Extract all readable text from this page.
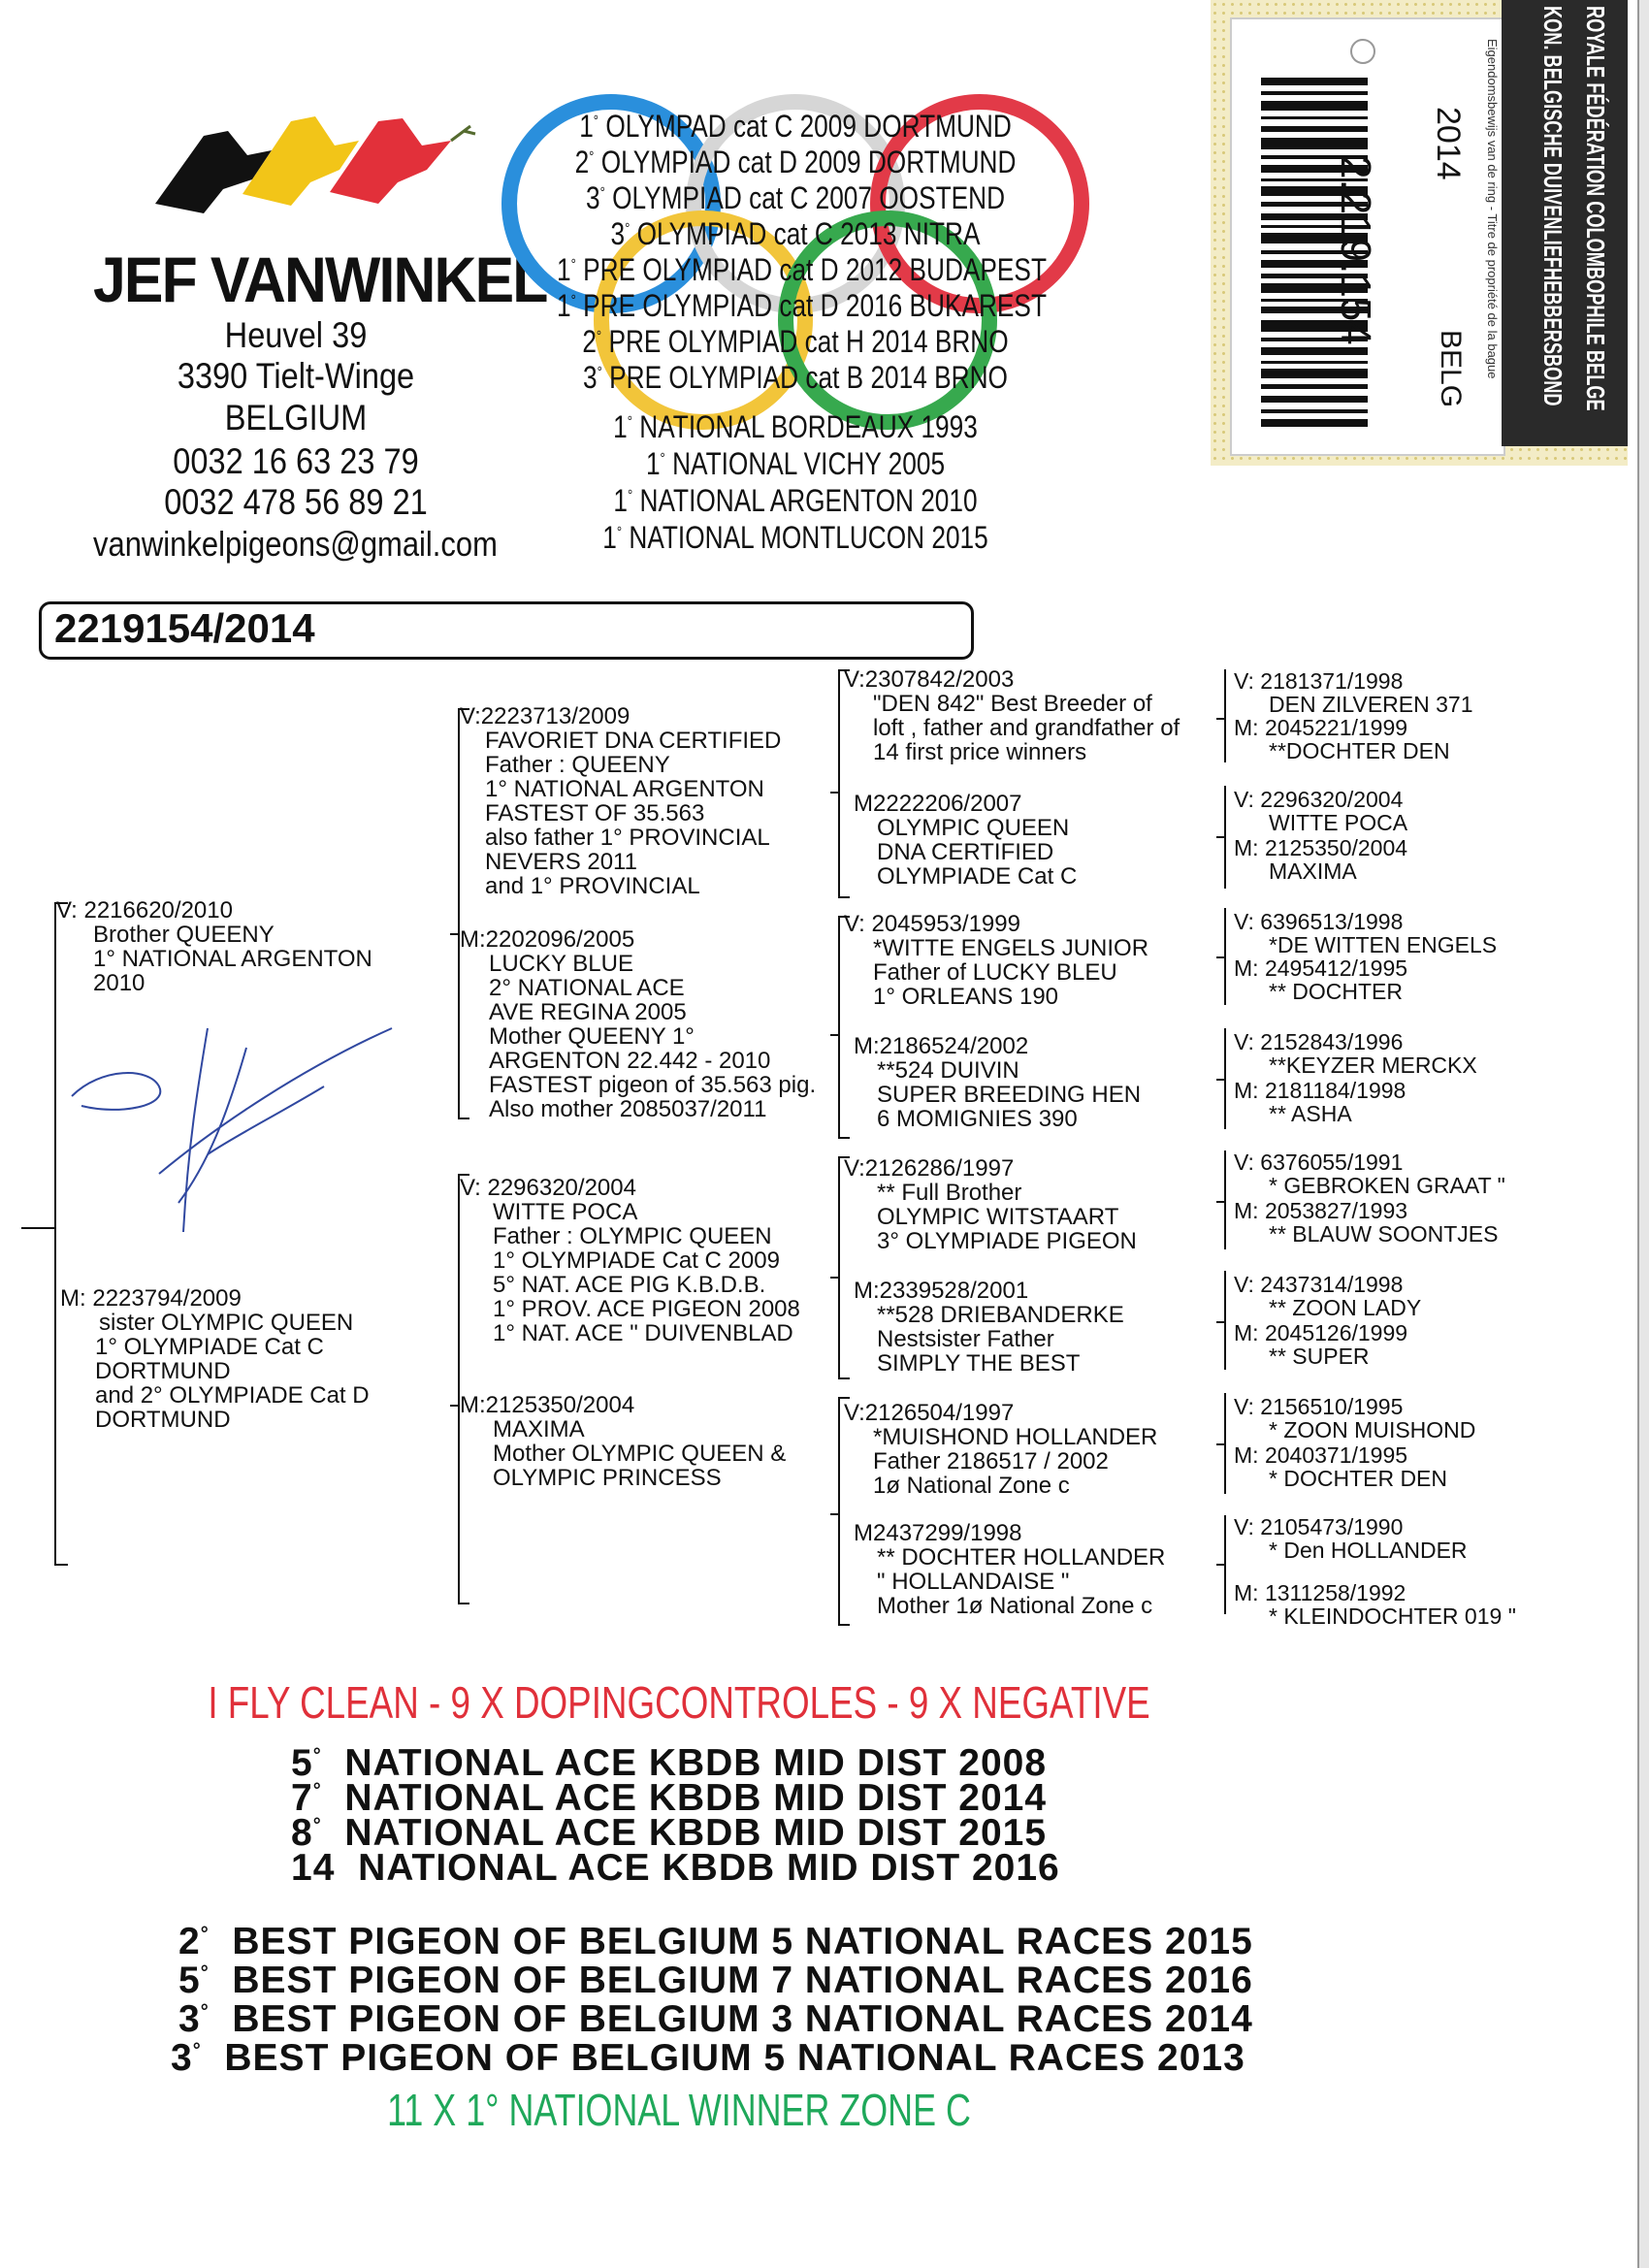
JEF VANWINKEL
Heuvel 39
3390 Tielt-Winge
BELGIUM
0032 16 63 23 79
0032 478 56 89 21
vanwinkelpigeons@gmail.com
1° OLYMPAD cat C 2009 DORTMUND
2° OLYMPIAD cat D 2009 DORTMUND
3° OLYMPIAD cat C 2007 OOSTEND
3° OLYMPIAD cat C 2013 NITRA
1° PRE OLYMPIAD cat D 2012 BUDAPEST
1° PRE OLYMPIAD cat D 2016 BUKAREST
2° PRE OLYMPIAD cat H 2014 BRNO
3° PRE OLYMPIAD cat B 2014 BRNO
1° NATIONAL BORDEAUX 1993
1° NATIONAL VICHY 2005
1° NATIONAL ARGENTON 2010
1° NATIONAL MONTLUCON 2015
2.219.154
2014
BELG Eigendomsbewijs van de ring - Titre de propriété de la bague KON. BELGISCHE DUIVENLIEFHEBBERSBOND ROYALE FÉDÉRATION COLOMBOPHILE BELGE
2219154/2014
V: 2216620/2010
Brother QUEENY
1° NATIONAL ARGENTON
2010
M: 2223794/2009
sister OLYMPIC QUEEN
1° OLYMPIADE Cat C
DORTMUND
and 2° OLYMPIADE Cat D
DORTMUND
V:2223713/2009
FAVORIET DNA CERTIFIED
Father : QUEENY
1° NATIONAL ARGENTON
FASTEST OF 35.563
also father 1° PROVINCIAL
NEVERS 2011
and 1° PROVINCIAL
M:2202096/2005
LUCKY BLUE
2° NATIONAL ACE
AVE REGINA 2005
Mother QUEENY 1°
ARGENTON 22.442 - 2010
FASTEST pigeon of 35.563 pig.
Also mother 2085037/2011
V: 2296320/2004
WITTE POCA
Father : OLYMPIC QUEEN
1° OLYMPIADE Cat C 2009
5° NAT. ACE PIG K.B.D.B.
1° PROV. ACE PIGEON 2008
1° NAT. ACE " DUIVENBLAD
M:2125350/2004
MAXIMA
Mother OLYMPIC QUEEN &
OLYMPIC PRINCESS
V:2307842/2003
"DEN 842" Best Breeder of
loft , father and grandfather of
14 first price winners
M2222206/2007
OLYMPIC QUEEN
DNA CERTIFIED
OLYMPIADE Cat C
V: 2045953/1999
*WITTE ENGELS JUNIOR
Father of LUCKY BLEU
1° ORLEANS 190
M:2186524/2002
**524 DUIVIN
SUPER BREEDING HEN
6 MOMIGNIES 390
V:2126286/1997
** Full Brother
OLYMPIC WITSTAART
3° OLYMPIADE PIGEON
M:2339528/2001
**528 DRIEBANDERKE
Nestsister Father
SIMPLY THE BEST
V:2126504/1997
*MUISHOND HOLLANDER
Father 2186517 / 2002
1ø National Zone c
M2437299/1998
** DOCHTER HOLLANDER
" HOLLANDAISE "
Mother 1ø National Zone c
V: 2181371/1998
DEN ZILVEREN 371
M: 2045221/1999
**DOCHTER DEN
V: 2296320/2004
WITTE POCA
M: 2125350/2004
MAXIMA
V: 6396513/1998
*DE WITTEN ENGELS
M: 2495412/1995
** DOCHTER
V: 2152843/1996
**KEYZER MERCKX
M: 2181184/1998
** ASHA
V: 6376055/1991
* GEBROKEN GRAAT "
M: 2053827/1993
** BLAUW SOONTJES
V: 2437314/1998
** ZOON LADY
M: 2045126/1999
** SUPER
V: 2156510/1995
* ZOON MUISHOND
M: 2040371/1995
* DOCHTER DEN
V: 2105473/1990
* Den HOLLANDER
M: 1311258/1992
* KLEINDOCHTER 019 "
I FLY CLEAN - 9 X DOPINGCONTROLES - 9 X NEGATIVE
5° NATIONAL ACE KBDB MID DIST 2008
7° NATIONAL ACE KBDB MID DIST 2014
8° NATIONAL ACE KBDB MID DIST 2015
14 NATIONAL ACE KBDB MID DIST 2016
2° BEST PIGEON OF BELGIUM 5 NATIONAL RACES 2015
5° BEST PIGEON OF BELGIUM 7 NATIONAL RACES 2016
3° BEST PIGEON OF BELGIUM 3 NATIONAL RACES 2014
3° BEST PIGEON OF BELGIUM 5 NATIONAL RACES 2013
11 X 1° NATIONAL WINNER ZONE C
